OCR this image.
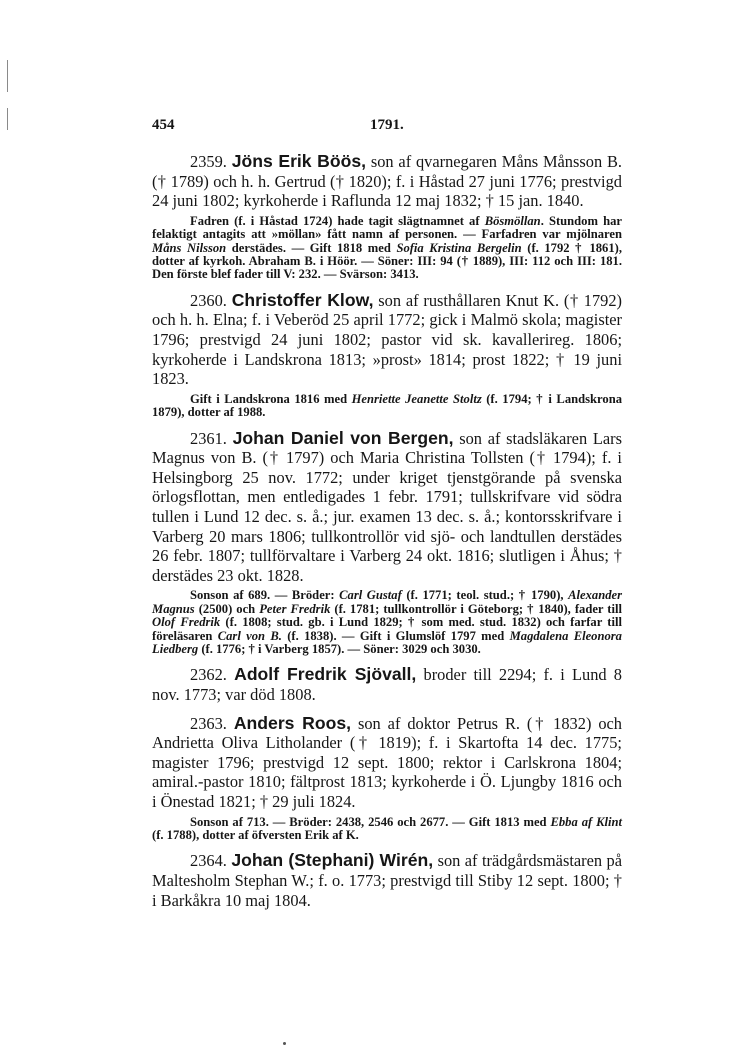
454	1791.

2359. Jöns Erik Böös, son af qvarnegaren Måns Månsson B. († 1789) och h. h. Gertrud († 1820); f. i Håstad 27 juni 1776; prestvigd 24 juni 1802; kyrkoherde i Raflunda 12 maj 1832; † 15 jan. 1840.

Fadren (f. i Håstad 1724) hade tagit slägtnamnet af Bösmöllan. Stundom har felaktigt antagits att »möllan» fått namn af personen. — Farfadren var mjölnaren Måns Nilsson derstädes. — Gift 1818 med Sofia Kristina Bergelin (f. 1792 † 1861), dotter af kyrkoh. Abraham B. i Höör. — Söner: III: 94 († 1889), III: 112 och III: 181. Den förste blef fader till V: 232. — Svärson: 3413.

2360. Christoffer Klow, son af rusthållaren Knut K. († 1792) och h. h. Elna; f. i Veberöd 25 april 1772; gick i Malmö skola; magister 1796; prestvigd 24 juni 1802; pastor vid sk. kavallerireg. 1806; kyrkoherde i Landskrona 1813; »prost» 1814; prost 1822; † 19 juni 1823.

Gift i Landskrona 1816 med Henriette Jeanette Stoltz (f. 1794; † i Landskrona 1879), dotter af 1988.

2361. Johan Daniel von Bergen, son af stadsläkaren Lars Magnus von B. († 1797) och Maria Christina Tollsten († 1794); f. i Helsingborg 25 nov. 1772; under kriget tjenstgörande på svenska örlogsflottan, men entledigades 1 febr. 1791; tullskrifvare vid södra tullen i Lund 12 dec. s. å.; jur. examen 13 dec. s. å.; kontorsskrifvare i Varberg 20 mars 1806; tullkontrollör vid sjö- och landtullen derstädes 26 febr. 1807; tullförvaltare i Varberg 24 okt. 1816; slutligen i Åhus; † derstädes 23 okt. 1828.

Sonson af 689. — Bröder: Carl Gustaf (f. 1771; teol. stud.; † 1790), Alexander Magnus (2500) och Peter Fredrik (f. 1781; tullkontrollör i Göteborg; † 1840), fader till Olof Fredrik (f. 1808; stud. gb. i Lund 1829; † som med. stud. 1832) och farfar till föreläsaren Carl von B. (f. 1838). — Gift i Glumslöf 1797 med Magdalena Eleonora Liedberg (f. 1776; † i Varberg 1857). — Söner: 3029 och 3030.

2362. Adolf Fredrik Sjövall, broder till 2294; f. i Lund 8 nov. 1773; var död 1808.

2363. Anders Roos, son af doktor Petrus R. († 1832) och Andrietta Oliva Litholander († 1819); f. i Skartofta 14 dec. 1775; magister 1796; prestvigd 12 sept. 1800; rektor i Carlskrona 1804; amiral.-pastor 1810; fältprost 1813; kyrkoherde i Ö. Ljungby 1816 och i Önestad 1821; † 29 juli 1824.

Sonson af 713. — Bröder: 2438, 2546 och 2677. — Gift 1813 med Ebba af Klint (f. 1788), dotter af öfversten Erik af K.

2364. Johan (Stephani) Wirén, son af trädgårdsmästaren på Maltesholm Stephan W.; f. o. 1773; prestvigd till Stiby 12 sept. 1800; † i Barkåkra 10 maj 1804.
